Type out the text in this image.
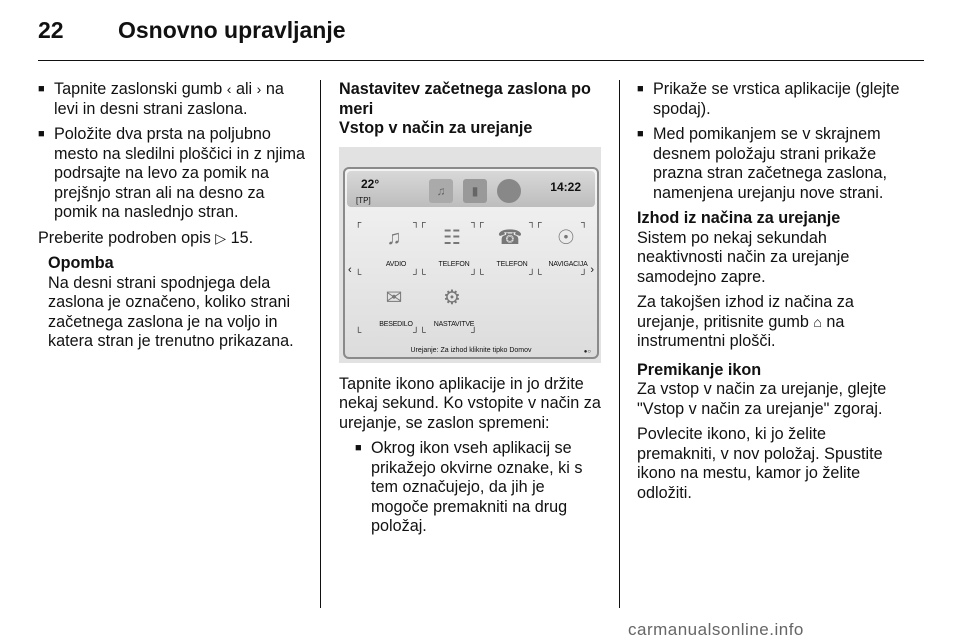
22 Osnovno upravljanje

■ Tapnite zaslonski gumb ‹ ali › na levi in desni strani zaslona.

■ Položite dva prsta na poljubno mesto na sledilni ploščici in z njima podrsajte na levo za pomik na prejšnjo stran ali na desno za pomik na naslednjo stran.

Preberite podroben opis ▷ 15.

Opomba

Na desni strani spodnjega dela zaslona je označeno, koliko strani začetnega zaslona je na voljo in katera stran je trenutno prikazana.

Nastavitev začetnega zaslona po meri

Vstop v način za urejanje

22°
[TP]
♫	▮	14:22
♫
AVDIO
☷
TELEFON
☎
TELEFON
☉
NAVIGACIJA
✉
BESEDILO
⚙
NASTAVITVE
┌	┐┌	┐┌	┐┌	┐
└	┘└	┘└	┘└	┘
└	┘└	┘
‹	›
Urejanje: Za izhod kliknite tipko Domov	●○

Tapnite ikono aplikacije in jo držite nekaj sekund. Ko vstopite v način za urejanje, se zaslon spremeni:

■ Okrog ikon vseh aplikacij se prikažejo okvirne oznake, ki s tem označujejo, da jih je mogoče premakniti na drug položaj.

■ Prikaže se vrstica aplikacije (glejte spodaj).

■ Med pomikanjem se v skrajnem desnem položaju strani prikaže prazna stran začetnega zaslona, namenjena urejanju nove strani.

Izhod iz načina za urejanje

Sistem po nekaj sekundah neaktivnosti način za urejanje samodejno zapre.

Za takojšen izhod iz načina za urejanje, pritisnite gumb ⌂ na instrumentni plošči.

Premikanje ikon

Za vstop v način za urejanje, glejte "Vstop v način za urejanje" zgoraj.

Povlecite ikono, ki jo želite premakniti, v nov položaj. Spustite ikono na mestu, kamor jo želite odložiti.

carmanualsonline.info
